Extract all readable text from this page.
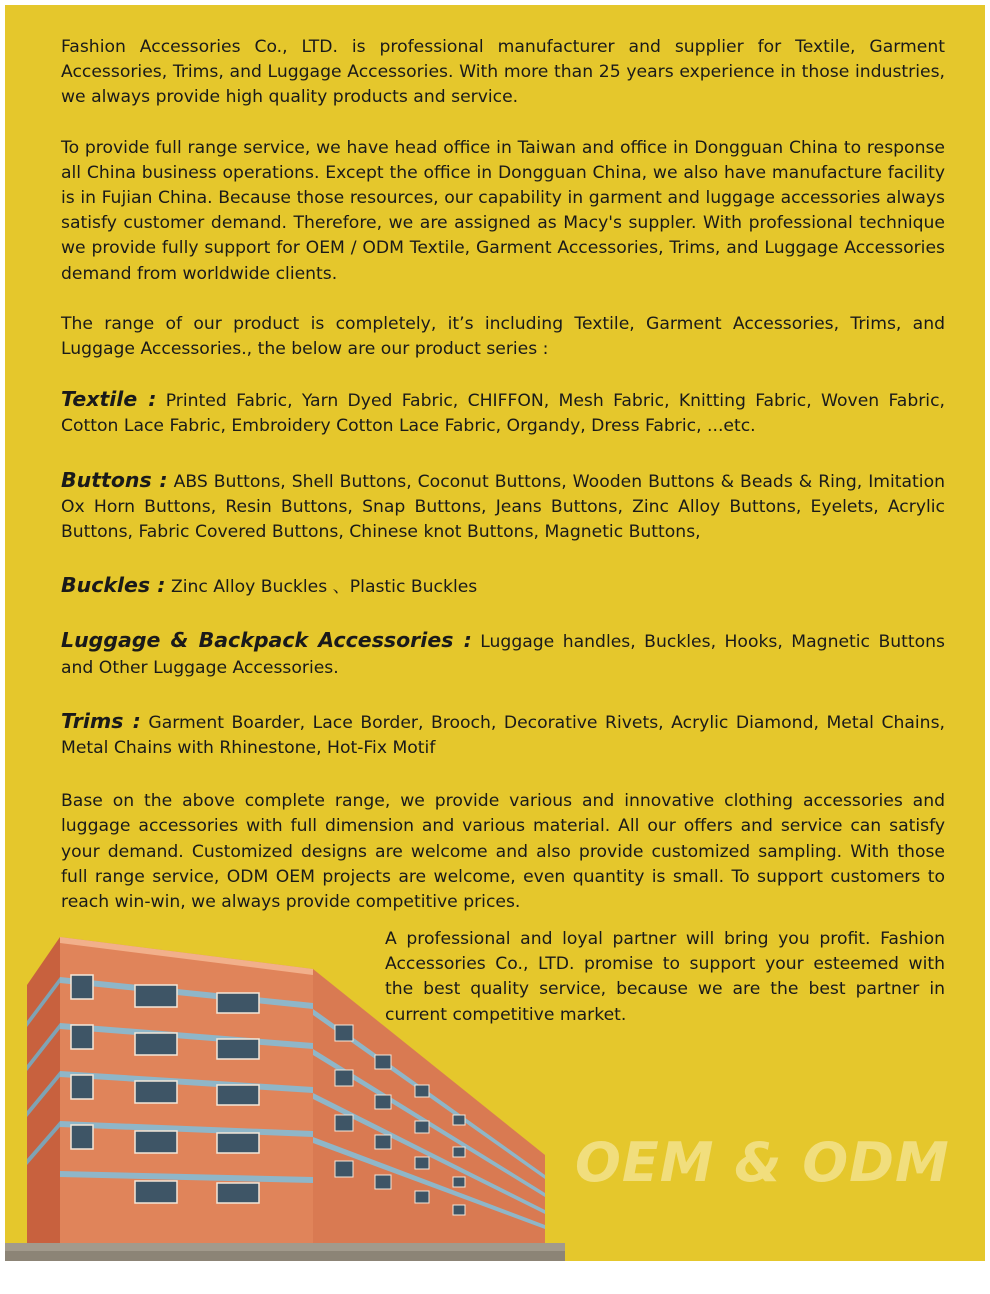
Fashion Accessories Co., LTD. is professional manufacturer and supplier for Textile, Garment Accessories, Trims, and Luggage Accessories. With more than 25 years experience in those industries, we always provide high quality products and service.

To provide full range service, we have head office in Taiwan and office in Dongguan China to response all China business operations. Except the office in Dongguan China, we also have manufacture facility is in Fujian China. Because those resources, our capability in garment and luggage accessories always satisfy customer demand. Therefore, we are assigned as Macy's suppler. With professional technique we provide fully support for OEM / ODM Textile, Garment Accessories, Trims, and Luggage Accessories demand from worldwide clients.

The range of our product is completely, it’s including Textile, Garment Accessories, Trims, and Luggage Accessories., the below are our product series :

Textile : Printed Fabric, Yarn Dyed Fabric, CHIFFON, Mesh Fabric, Knitting Fabric, Woven Fabric, Cotton Lace Fabric, Embroidery Cotton Lace Fabric, Organdy, Dress Fabric, ...etc.

Buttons : ABS Buttons, Shell Buttons, Coconut Buttons, Wooden Buttons & Beads & Ring, Imitation Ox Horn Buttons, Resin Buttons, Snap Buttons, Jeans Buttons, Zinc Alloy Buttons, Eyelets, Acrylic Buttons, Fabric Covered Buttons, Chinese knot Buttons, Magnetic Buttons,

Buckles : Zinc Alloy Buckles 、Plastic Buckles

Luggage & Backpack Accessories : Luggage handles, Buckles, Hooks, Magnetic Buttons and Other Luggage Accessories.

Trims : Garment Boarder, Lace Border, Brooch, Decorative Rivets, Acrylic Diamond, Metal Chains, Metal Chains with Rhinestone, Hot-Fix Motif

Base on the above complete range, we provide various and innovative clothing accessories and luggage accessories with full dimension and various material. All our offers and service can satisfy your demand. Customized designs are welcome and also provide customized sampling. With those full range service, ODM OEM projects are welcome, even quantity is small. To support customers to reach win-win, we always provide competitive prices.

A professional and loyal partner will bring you profit. Fashion Accessories Co., LTD. promise to support your esteemed with the best quality service, because we are the best partner in current competitive market.

OEM & ODM
